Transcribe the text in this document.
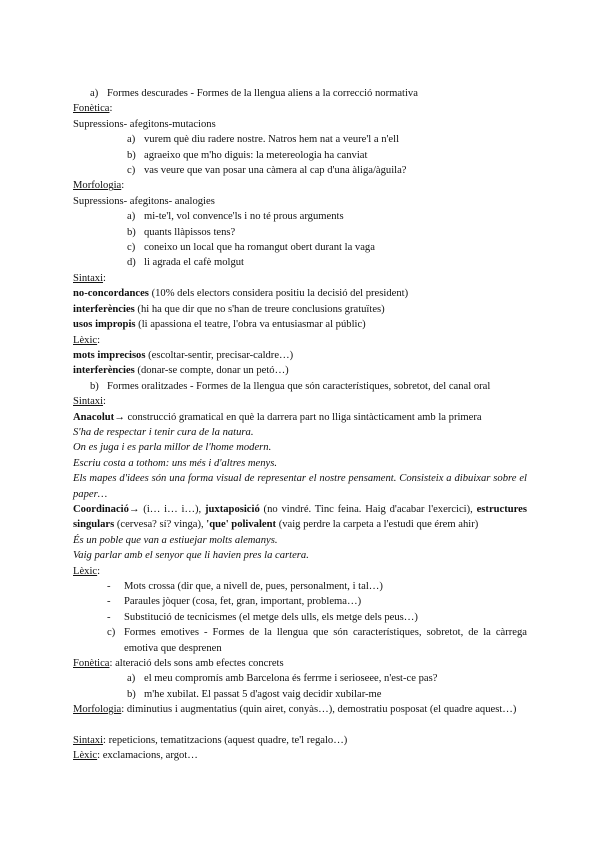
a) Formes descurades - Formes de la llengua aliens a la correcció normativa
Fonètica:
Supressions- afegitons-mutacions
a) vurem què diu radere nostre. Natros hem nat a veure'l a n'ell
b) agraeixo que m'ho diguis: la metereologia ha canviat
c) vas veure que van posar una càmera al cap d'una àliga/àguila?
Morfologia:
Supressions- afegitons- analogies
a) mi-te'l, vol convence'ls i no té prous arguments
b) quants llàpissos tens?
c) coneixo un local que ha romangut obert durant la vaga
d) li agrada el cafè molgut
Sintaxi:
no-concordances (10% dels electors considera positiu la decisió del president)
interferències (hi ha que dir que no s'han de treure conclusions gratuïtes)
usos impropis (li apassiona el teatre, l'obra va entusiasmar al públic)
Lèxic:
mots imprecisos (escoltar-sentir, precisar-caldre…)
interferències (donar-se compte, donar un petó…)
b) Formes oralitzades - Formes de la llengua que són característiques, sobretot, del canal oral
Sintaxi:
Anacolut→ construcció gramatical en què la darrera part no lliga sintàcticament amb la primera
S'ha de respectar i tenir cura de la natura.
On es juga i es parla millor de l'home modern.
Escriu costa a tothom: uns més i d'altres menys.
Els mapes d'idees són una forma visual de representar el nostre pensament. Consisteix a dibuixar sobre el paper…
Coordinació→ (i… i… i…), juxtaposició (no vindré. Tinc feina. Haig d'acabar l'exercici), estructures singulars (cervesa? sí? vinga), 'que' polivalent (vaig perdre la carpeta a l'estudi que érem ahir)
És un poble que van a estiuejar molts alemanys.
Vaig parlar amb el senyor que li havien pres la cartera.
Lèxic:
-	Mots crossa (dir que, a nivell de, pues, personalment, i tal…)
-	Paraules jòquer (cosa, fet, gran, important, problema…)
-	Substitució de tecnicismes (el metge dels ulls, els metge dels peus…)
c) Formes emotives - Formes de la llengua que són característiques, sobretot, de la càrrega emotiva que desprenen
Fonètica: alteració dels sons amb efectes concrets
a) el meu compromís amb Barcelona és ferrme i serioseee, n'est-ce pas?
b) m'he xubilat. El passat 5 d'agost vaig decidir xubilar-me
Morfologia: diminutius i augmentatius (quin airet, conyàs…), demostratiu posposat (el quadre aquest…)
Sintaxi: repeticions, tematitzacions (aquest quadre, te'l regalo…)
Lèxic: exclamacions, argot…
